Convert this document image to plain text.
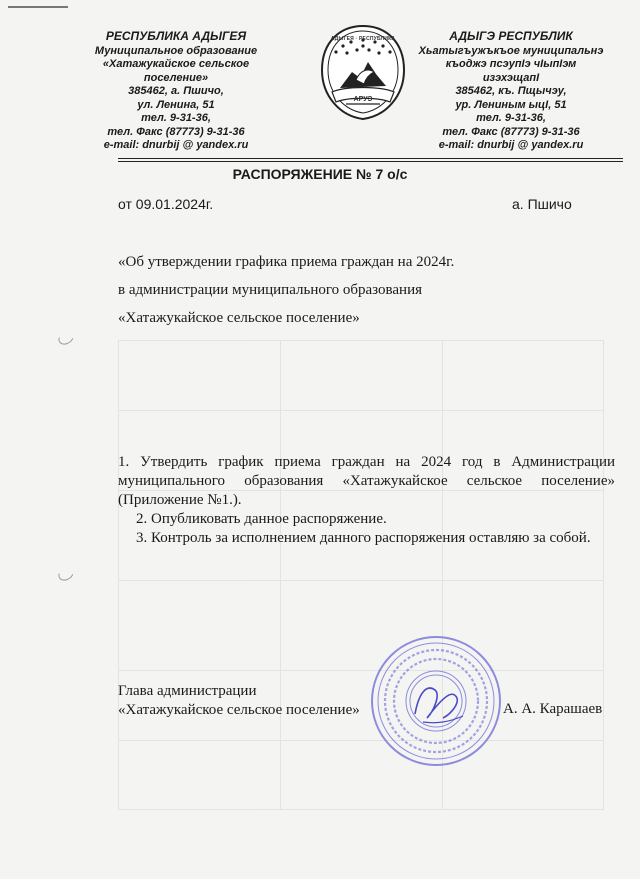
РЕСПУБЛИКА АДЫГЕЯ
Муниципальное образование
«Хатажукайское сельское
поселение»
385462, а. Пшичо,
ул. Ленина, 51
тел. 9-31-36,
тел. Факс (87773) 9-31-36
e-mail: dnurbij @ yandex.ru
АДЫГЕЯ · РЕСПУБЛИКА
АРУЭ
АДЫГЭ РЕСПУБЛИК
Хьатыгъужъкъое муниципальнэ
къоджэ псэупІэ чІыпІэм
изэхэщапІ
385462, къ. Пщычэу,
ур. Лениным ыцІ, 51
тел. 9-31-36,
тел. Факс (87773) 9-31-36
e-mail: dnurbij @ yandex.ru
РАСПОРЯЖЕНИЕ № 7 о/с
от 09.01.2024г.	а. Пшичо
«Об утверждении графика приема граждан на 2024г.
в администрации муниципального образования
«Хатажукайское сельское поселение»
1. Утвердить график приема граждан на 2024 год в Администрации муниципального образования «Хатажукайское сельское поселение» (Приложение №1.).
2. Опубликовать данное распоряжение.
3. Контроль за исполнением данного распоряжения оставляю за собой.
Глава администрации
«Хатажукайское сельское поселение»	А. А. Карашаев
